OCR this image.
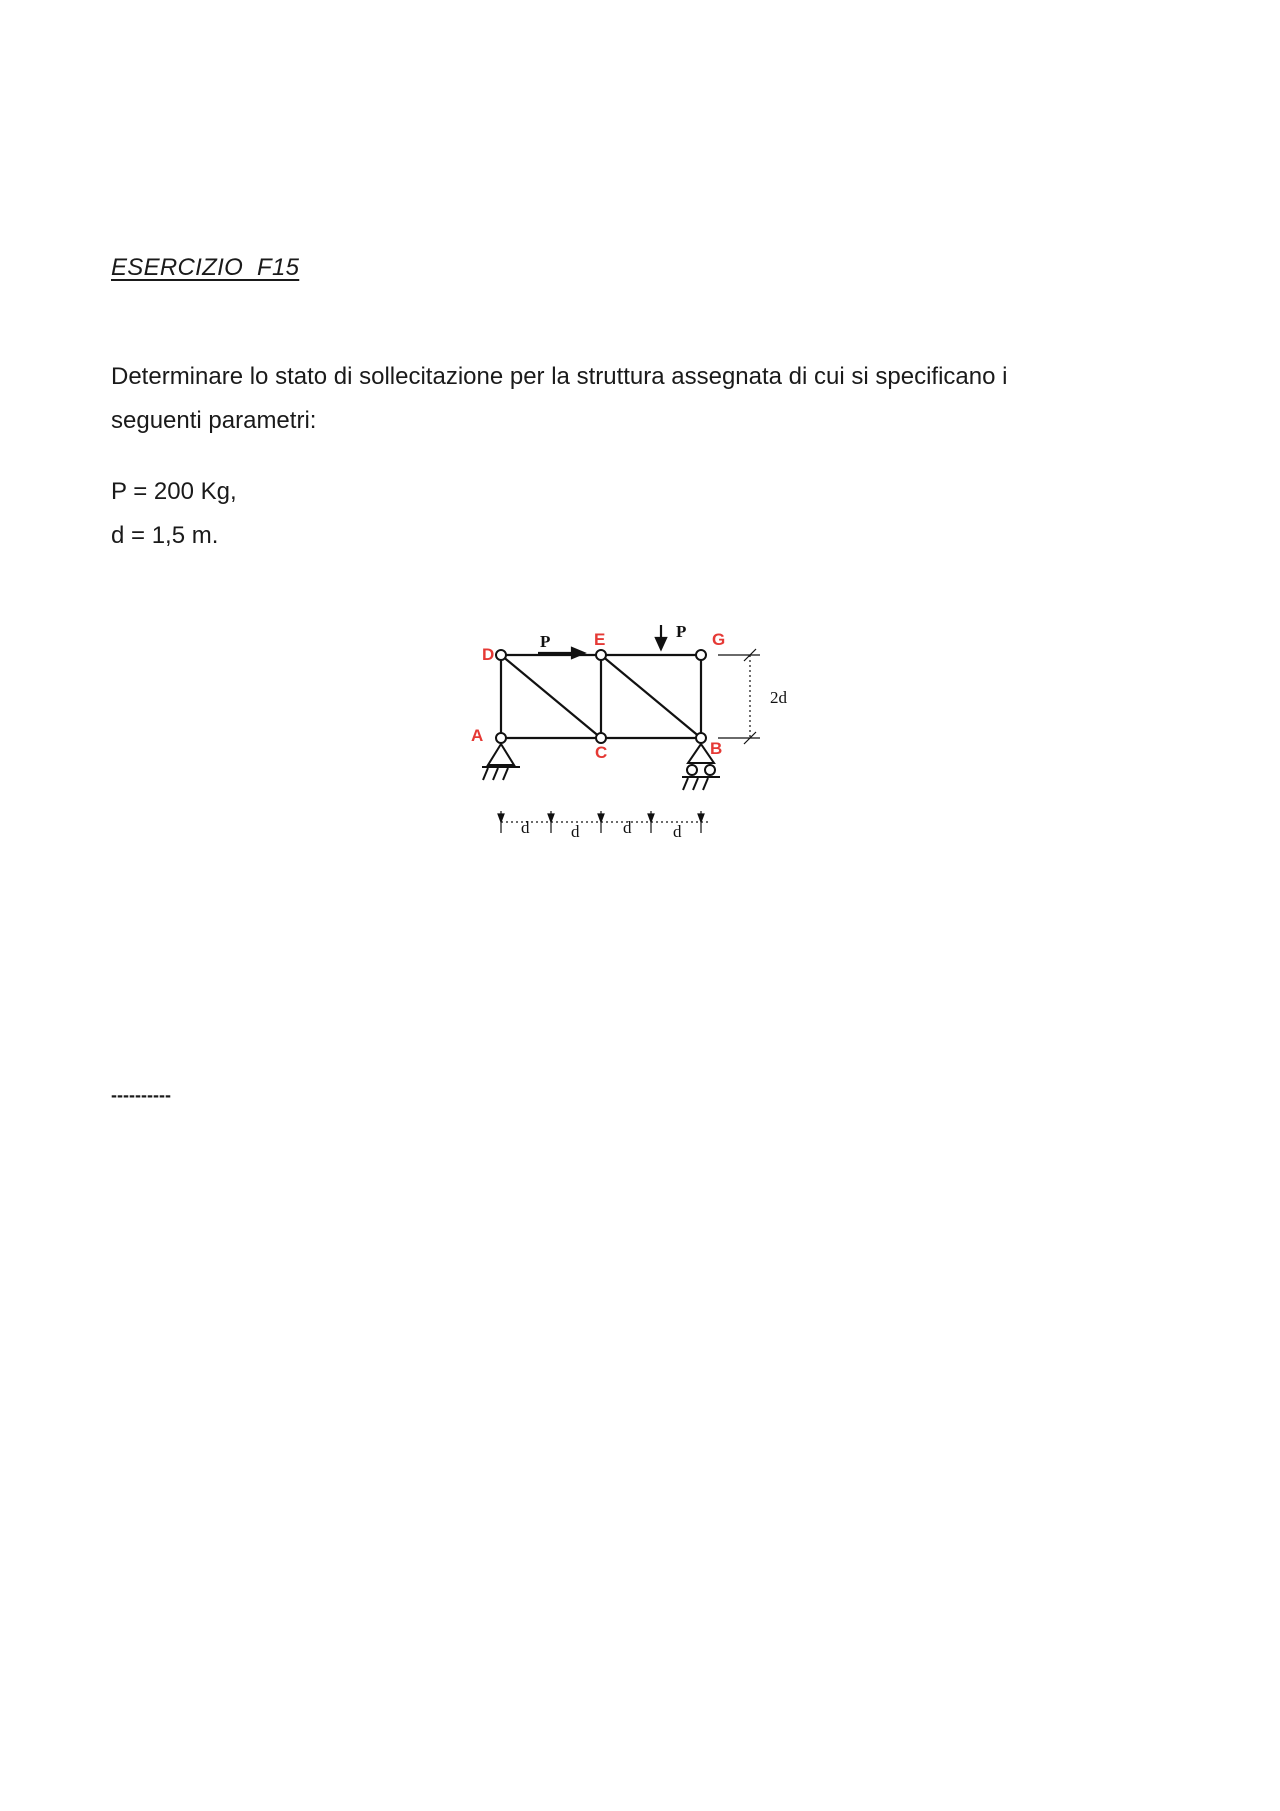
ESERCIZIO  F15
Determinare lo stato di sollecitazione per la struttura assegnata di cui si specificano i
seguenti parametri:
P = 200 Kg,
d = 1,5 m.
P
P
D
E	G
A
C	B
2d
d d	d d
----------
